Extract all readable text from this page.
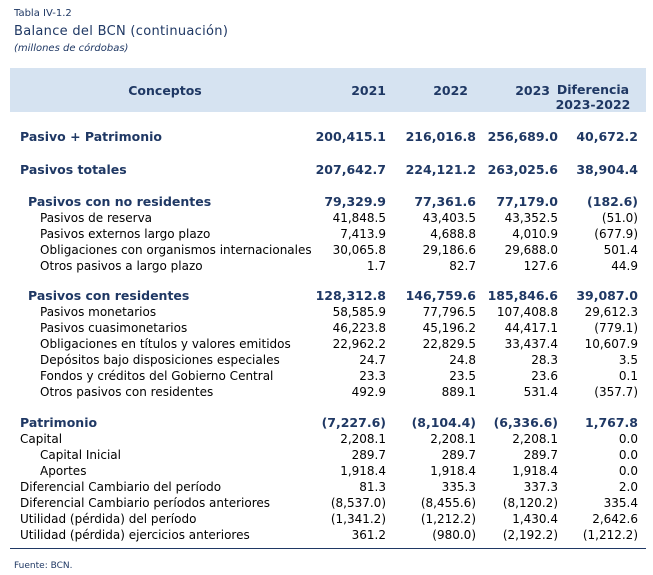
Tabla IV-1.2
Balance del BCN (continuación)
(millones de córdobas)
Conceptos	2021	2022	2023 Diferencia
2023-2022
Pasivo + Patrimonio	200,415.1 216,016.8 256,689.0 40,672.2
Pasivos totales	207,642.7 224,121.2 263,025.6 38,904.4
Pasivos con no residentes	79,329.9 77,361.6 77,179.0 (182.6)
Pasivos de reserva	41,848.5	43,403.5 43,352.5	(51.0)
Pasivos externos largo plazo	7,413.9	4,688.8	4,010.9	(677.9)
Obligaciones con organismos internacionales 30,065.8	29,186.6 29,688.0	501.4
Otros pasivos a largo plazo	1.7	82.7	127.6	44.9
Pasivos con residentes	128,312.8 146,759.6 185,846.6 39,087.0
Pasivos monetarios	58,585.9	77,796.5 107,408.8 29,612.3
Pasivos cuasimonetarios	46,223.8	45,196.2 44,417.1	(779.1)
Obligaciones en títulos y valores emitidos	22,962.2	22,829.5 33,437.4 10,607.9
Depósitos bajo disposiciones especiales	24.7	24.8	28.3	3.5
Fondos y créditos del Gobierno Central	23.3	23.5	23.6	0.1
Otros pasivos con residentes	492.9	889.1	531.4	(357.7)
Patrimonio	(7,227.6) (8,104.4) (6,336.6) 1,767.8
Capital	2,208.1	2,208.1	2,208.1	0.0
Capital Inicial	289.7	289.7	289.7	0.0
Aportes	1,918.4	1,918.4	1,918.4	0.0
Diferencial Cambiario del período	81.3	335.3	337.3	2.0
Diferencial Cambiario períodos anteriores	(8,537.0)	(8,455.6) (8,120.2)	335.4
Utilidad (pérdida) del período	(1,341.2)	(1,212.2)	1,430.4	2,642.6
Utilidad (pérdida) ejercicios anteriores	361.2	(980.0) (2,192.2) (1,212.2)
Fuente: BCN.
